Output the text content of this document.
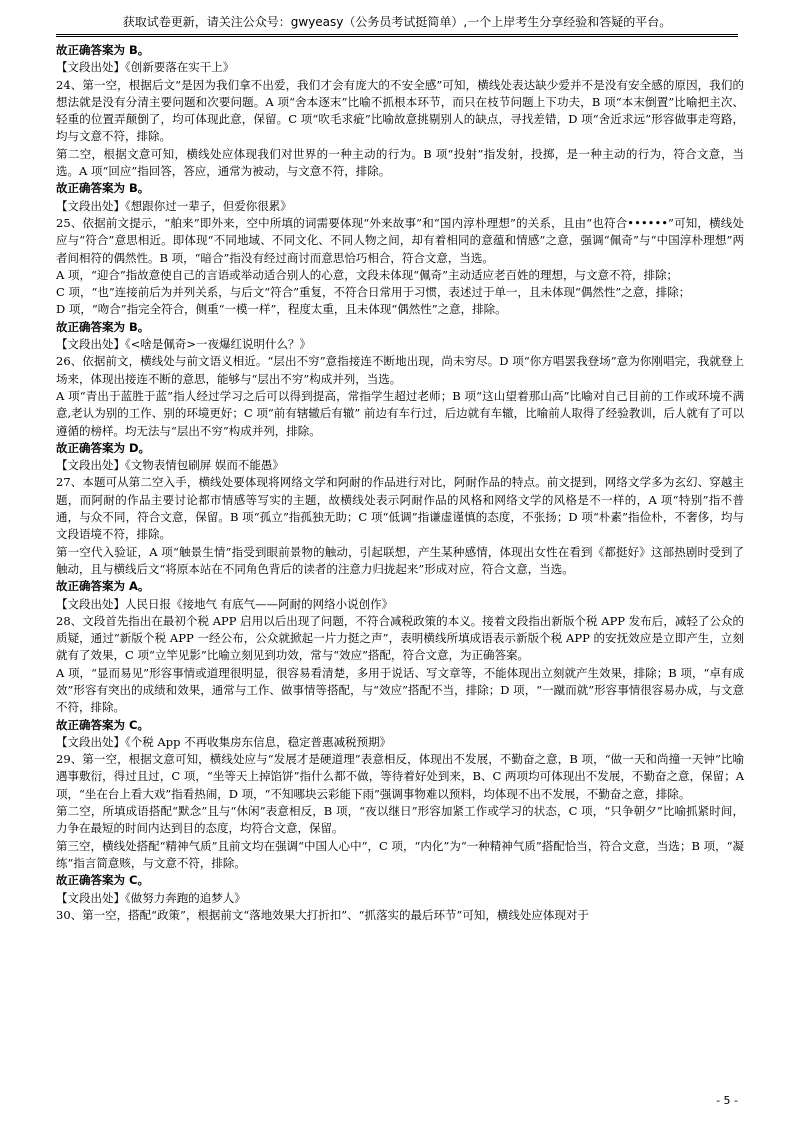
获取试卷更新，请关注公众号：gwyeasy（公务员考试挺简单）,一个上岸考生分享经验和答疑的平台。

故正确答案为 B。

【文段出处】《创新要落在实干上》

24、第一空，根据后文“是因为我们拿不出爱，我们才会有庞大的不安全感”可知，横线处表达缺少爱并不是没有安全感的原因，我们的想法就是没有分清主要问题和次要问题。A 项“舍本逐末”比喻不抓根本环节，而只在枝节问题上下功夫，B 项“本末倒置”比喻把主次、轻重的位置弄颠倒了，均可体现此意，保留。C 项“吹毛求疵”比喻故意挑剔别人的缺点，寻找差错，D 项“舍近求远”形容做事走弯路，均与文意不符，排除。

第二空，根据文意可知，横线处应体现我们对世界的一种主动的行为。B 项“投射”指发射，投掷，是一种主动的行为，符合文意，当选。A 项“回应”指回答，答应，通常为被动，与文意不符，排除。

故正确答案为 B。

【文段出处】《想跟你过一辈子，但爱你很累》

25、依据前文提示，“舶来”即外来，空中所填的词需要体现“外来故事”和“国内淳朴理想”的关系，且由“也符合••••••”可知，横线处应与“符合”意思相近。即体现“不同地域、不同文化、不同人物之间，却有着相同的意蕴和情感”之意，强调“佩奇”与“中国淳朴理想”两者间相符的偶然性。B 项，“暗合”指没有经过商讨而意思恰巧相合，符合文意，当选。

A 项，“迎合”指故意使自己的言语或举动适合别人的心意，文段未体现“佩奇”主动适应老百姓的理想，与文意不符，排除；

C 项，“也”连接前后为并列关系，与后文“符合”重复，不符合日常用于习惯，表述过于单一，且未体现“偶然性”之意，排除；

D 项，“吻合”指完全符合，侧重“一模一样”，程度太重，且未体现“偶然性”之意，排除。

故正确答案为 B。

【文段出处】《<啥是佩奇>一夜爆红说明什么？》

26、依据前文，横线处与前文语义相近。“层出不穷”意指接连不断地出现，尚未穷尽。D 项“你方唱罢我登场”意为你刚唱完，我就登上场来，体现出接连不断的意思，能够与“层出不穷”构成并列，当选。

A 项“青出于蓝胜于蓝”指人经过学习之后可以得到提高，常指学生超过老师；B 项“这山望着那山高”比喻对自己目前的工作或环境不满意,老认为别的工作、别的环境更好；C 项“前有辖辙后有辙” 前边有车行过，后边就有车辙，比喻前人取得了经验教训，后人就有了可以遵循的榜样。均无法与“层出不穷”构成并列，排除。

故正确答案为 D。

【文段出处】《文物表情包刷屏 娱而不能愚》

27、本题可从第二空入手，横线处要体现将网络文学和阿耐的作品进行对比，阿耐作品的特点。前文提到，网络文学多为玄幻、穿越主题，而阿耐的作品主要讨论都市情感等写实的主题，故横线处表示阿耐作品的风格和网络文学的风格是不一样的，A 项“特别”指不普通，与众不同，符合文意，保留。B 项“孤立”指孤独无助；C 项“低调”指谦虚谨慎的态度，不张扬；D 项“朴素”指俭朴，不奢侈，均与文段语境不符，排除。

第一空代入验证，A 项“触景生情”指受到眼前景物的触动，引起联想，产生某种感情，体现出女性在看到《都挺好》这部热剧时受到了触动，且与横线后文“将原本站在不同角色背后的读者的注意力归拢起来”形成对应，符合文意，当选。

故正确答案为 A。

【文段出处】人民日报《接地气 有底气——阿耐的网络小说创作》

28、文段首先指出在最初个税 APP 启用以后出现了问题，不符合减税政策的本义。接着文段指出新版个税 APP 发布后，减轻了公众的质疑，通过“新版个税 APP 一经公布，公众就掀起一片力挺之声”，表明横线所填成语表示新版个税 APP 的安抚效应是立即产生，立刻就有了效果，C 项“立竿见影”比喻立刻见到功效，常与“效应”搭配，符合文意，为正确答案。

A 项，“显而易见”形容事情或道理很明显，很容易看清楚，多用于说话、写文章等，不能体现出立刻就产生效果，排除；B 项，“卓有成效”形容有突出的成绩和效果，通常与工作、做事情等搭配，与“效应”搭配不当，排除；D 项，“一蹴而就”形容事情很容易办成，与文意不符，排除。

故正确答案为 C。

【文段出处】《个税 App 不再收集房东信息，稳定普惠减税预期》

29、第一空，根据文意可知，横线处应与“发展才是硬道理”表意相反，体现出不发展，不勤奋之意，B 项，“做一天和尚撞一天钟”比喻遇事敷衍，得过且过，C 项，“坐等天上掉馅饼”指什么都不做，等待着好处到来，B、C 两项均可体现出不发展，不勤奋之意，保留；A 项，“坐在台上看大戏”指看热闹，D 项，“不知哪块云彩能下雨”强调事物难以预料，均体现不出不发展，不勤奋之意，排除。

第二空，所填成语搭配“默念”且与“休闲”表意相反，B 项，“夜以继日”形容加紧工作或学习的状态，C 项，“只争朝夕”比喻抓紧时间，力争在最短的时间内达到目的态度，均符合文意，保留。

第三空，横线处搭配“精神气质”且前文均在强调“中国人心中”，C 项，“内化”为“一种精神气质”搭配恰当，符合文意，当选；B 项，“凝练”指言简意赅，与文意不符，排除。

故正确答案为 C。

【文段出处】《做努力奔跑的追梦人》

30、第一空，搭配“政策”，根据前文“落地效果大打折扣”、“抓落实的最后环节”可知，横线处应体现对于

- 5 -
